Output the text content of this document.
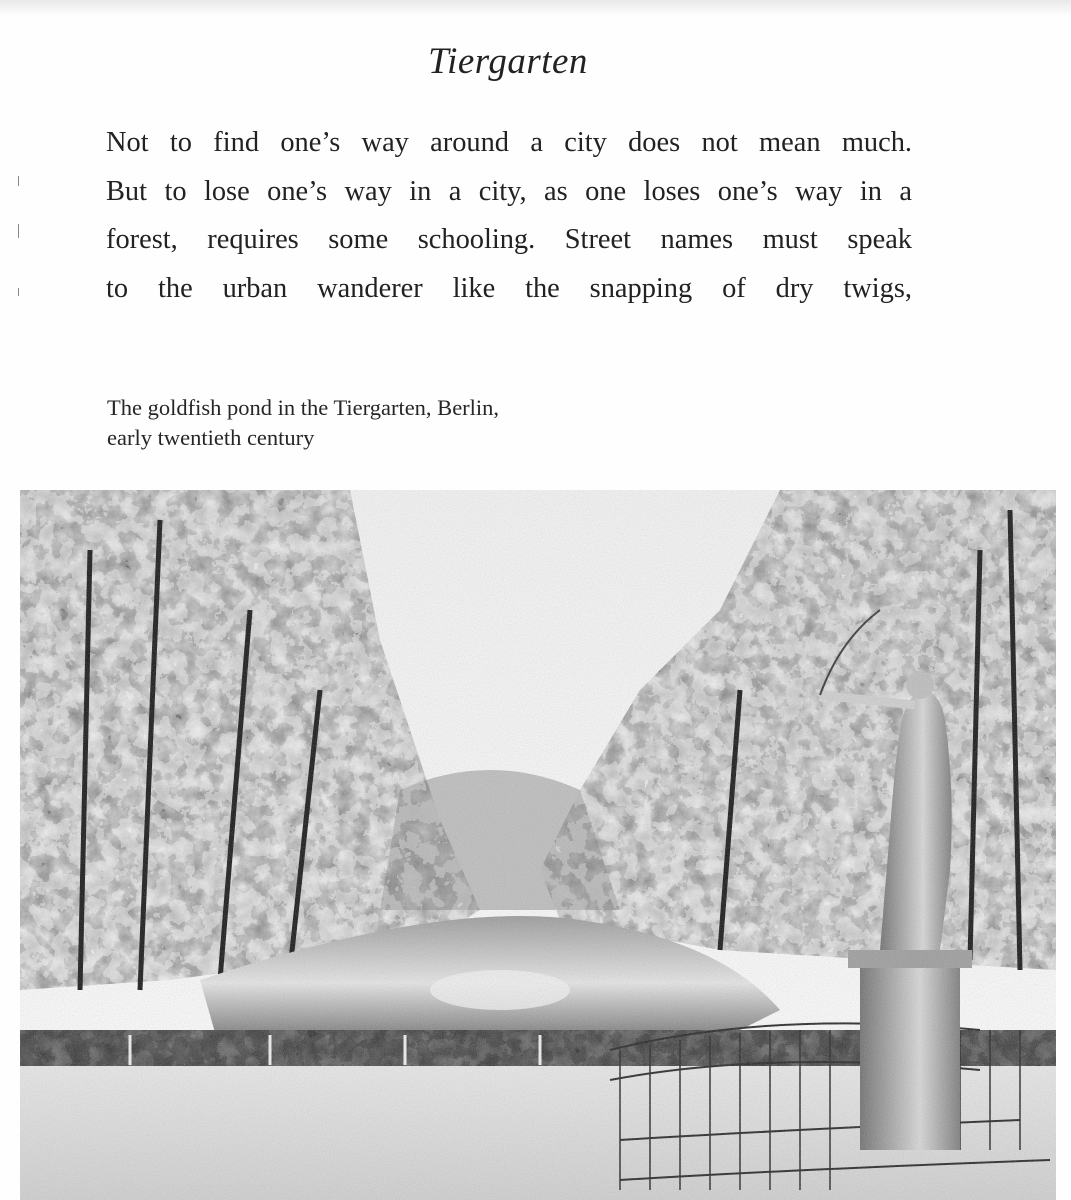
Tiergarten
Not to find one’s way around a city does not mean much.
But to lose one’s way in a city, as one loses one’s way in a
forest, requires some schooling. Street names must speak
to the urban wanderer like the snapping of dry twigs,
The goldfish pond in the Tiergarten, Berlin,
early twentieth century
